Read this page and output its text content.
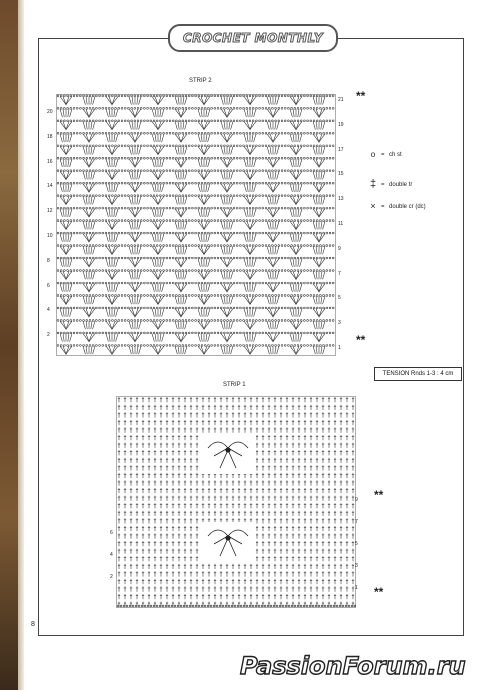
CROCHET MONTHLY
STRIP 2
**
**
20
18
16
14
12
10
8
6
4
2
21
19
17
15
13
11
9
7
5
3
1
o = ch st
‡ = double tr
× = double cr (dc)
TENSION Rnds 1-3 : 4 cm
STRIP 1
**
**
6
4
2
9
7
5
3
1
8
PassionForum.ru
